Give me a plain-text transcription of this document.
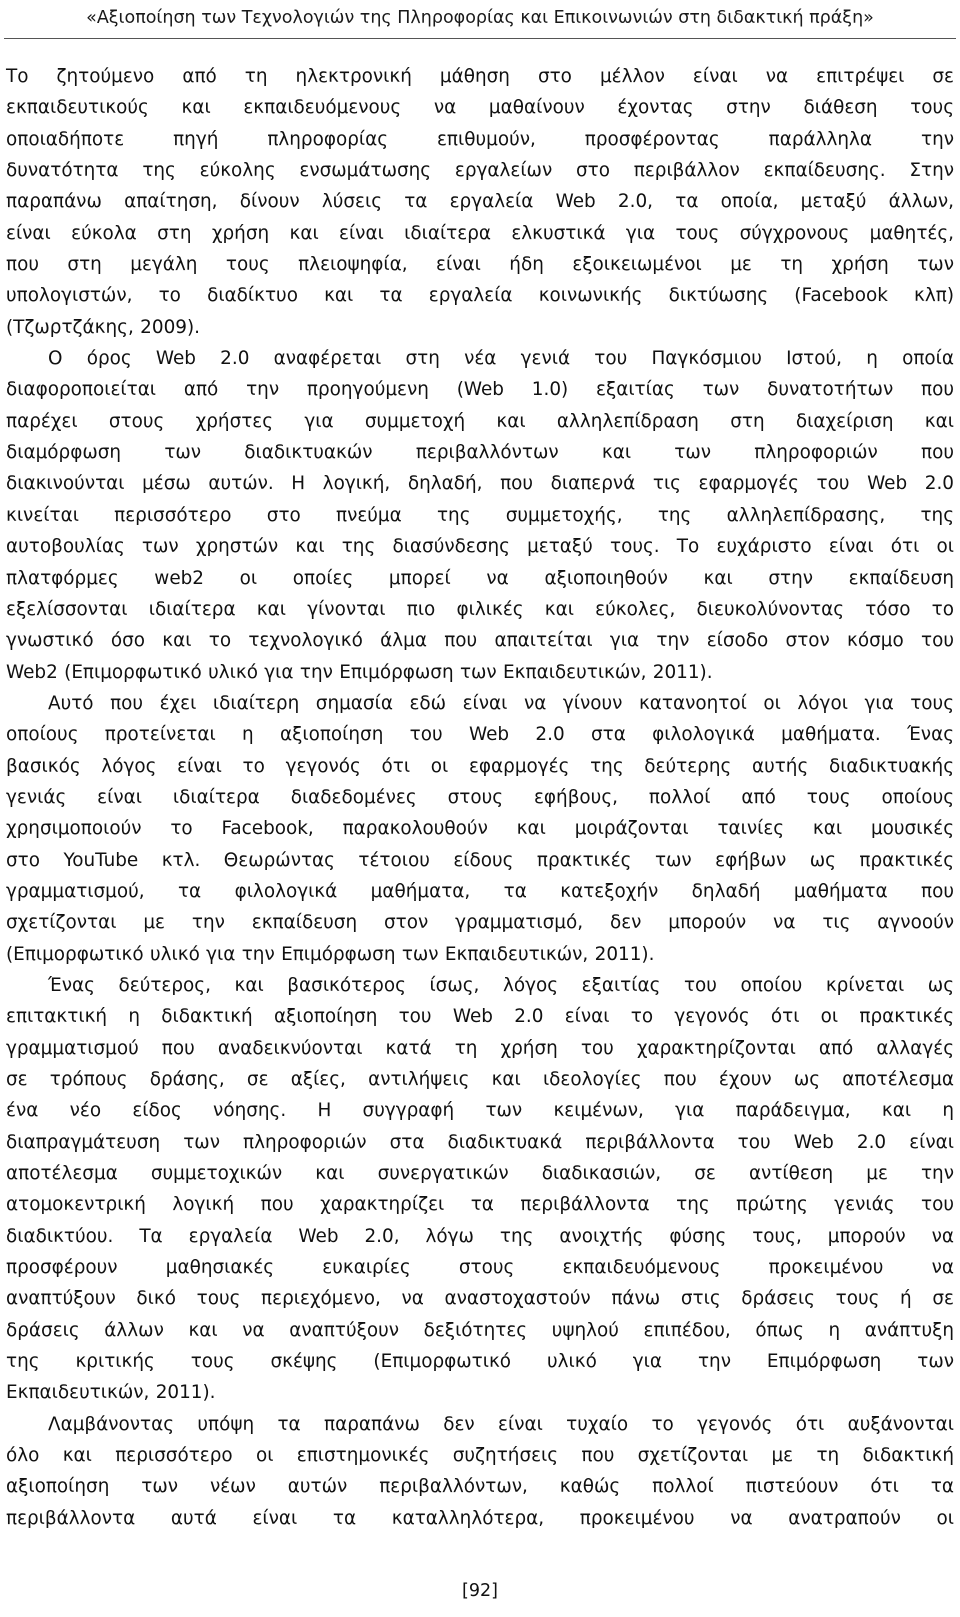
«Αξιοποίηση των Τεχνολογιών της Πληροφορίας και Επικοινωνιών στη διδακτική πράξη»

Το ζητούμενο από τη ηλεκτρονική μάθηση στο μέλλον είναι να επιτρέψει σε
εκπαιδευτικούς και εκπαιδευόμενους να μαθαίνουν έχοντας στην διάθεση τους
οποιαδήποτε πηγή πληροφορίας επιθυμούν, προσφέροντας παράλληλα την
δυνατότητα της εύκολης ενσωμάτωσης εργαλείων στο περιβάλλον εκπαίδευσης. Στην
παραπάνω απαίτηση, δίνουν λύσεις τα εργαλεία Web 2.0, τα οποία, μεταξύ άλλων,
είναι εύκολα στη χρήση και είναι ιδιαίτερα ελκυστικά για τους σύγχρονους μαθητές,
που στη μεγάλη τους πλειοψηφία, είναι ήδη εξοικειωμένοι με τη χρήση των
υπολογιστών, το διαδίκτυο και τα εργαλεία κοινωνικής δικτύωσης (Facebook κλπ)
(Τζωρτζάκης, 2009).

Ο όρος Web 2.0 αναφέρεται στη νέα γενιά του Παγκόσμιου Ιστού, η οποία
διαφοροποιείται από την προηγούμενη (Web 1.0) εξαιτίας των δυνατοτήτων που
παρέχει στους χρήστες για συμμετοχή και αλληλεπίδραση στη διαχείριση και
διαμόρφωση των διαδικτυακών περιβαλλόντων και των πληροφοριών που
διακινούνται μέσω αυτών. Η λογική, δηλαδή, που διαπερνά τις εφαρμογές του Web 2.0
κινείται περισσότερο στο πνεύμα της συμμετοχής, της αλληλεπίδρασης, της
αυτοβουλίας των χρηστών και της διασύνδεσης μεταξύ τους. Το ευχάριστο είναι ότι οι
πλατφόρμες web2 οι οποίες μπορεί να αξιοποιηθούν και στην εκπαίδευση
εξελίσσονται ιδιαίτερα και γίνονται πιο φιλικές και εύκολες, διευκολύνοντας τόσο το
γνωστικό όσο και το τεχνολογικό άλμα που απαιτείται για την είσοδο στον κόσμο του
Web2 (Επιμορφωτικό υλικό για την Επιμόρφωση των Εκπαιδευτικών, 2011).

Αυτό που έχει ιδιαίτερη σημασία εδώ είναι να γίνουν κατανοητοί οι λόγοι για τους
οποίους προτείνεται η αξιοποίηση του Web 2.0 στα φιλολογικά μαθήματα. Ένας
βασικός λόγος είναι το γεγονός ότι οι εφαρμογές της δεύτερης αυτής διαδικτυακής
γενιάς είναι ιδιαίτερα διαδεδομένες στους εφήβους, πολλοί από τους οποίους
χρησιμοποιούν το Facebook, παρακολουθούν και μοιράζονται ταινίες και μουσικές
στο YouTube κτλ. Θεωρώντας τέτοιου είδους πρακτικές των εφήβων ως πρακτικές
γραμματισμού, τα φιλολογικά μαθήματα, τα κατεξοχήν δηλαδή μαθήματα που
σχετίζονται με την εκπαίδευση στον γραμματισμό, δεν μπορούν να τις αγνοούν
(Επιμορφωτικό υλικό για την Επιμόρφωση των Εκπαιδευτικών, 2011).

Ένας δεύτερος, και βασικότερος ίσως, λόγος εξαιτίας του οποίου κρίνεται ως
επιτακτική η διδακτική αξιοποίηση του Web 2.0 είναι το γεγονός ότι οι πρακτικές
γραμματισμού που αναδεικνύονται κατά τη χρήση του χαρακτηρίζονται από αλλαγές
σε τρόπους δράσης, σε αξίες, αντιλήψεις και ιδεολογίες που έχουν ως αποτέλεσμα
ένα νέο είδος νόησης. Η συγγραφή των κειμένων, για παράδειγμα, και η
διαπραγμάτευση των πληροφοριών στα διαδικτυακά περιβάλλοντα του Web 2.0 είναι
αποτέλεσμα συμμετοχικών και συνεργατικών διαδικασιών, σε αντίθεση με την
ατομοκεντρική λογική που χαρακτηρίζει τα περιβάλλοντα της πρώτης γενιάς του
διαδικτύου. Τα εργαλεία Web 2.0, λόγω της ανοιχτής φύσης τους, μπορούν να
προσφέρουν μαθησιακές ευκαιρίες στους εκπαιδευόμενους προκειμένου να
αναπτύξουν δικό τους περιεχόμενο, να αναστοχαστούν πάνω στις δράσεις τους ή σε
δράσεις άλλων και να αναπτύξουν δεξιότητες υψηλού επιπέδου, όπως η ανάπτυξη
της κριτικής τους σκέψης (Επιμορφωτικό υλικό για την Επιμόρφωση των
Εκπαιδευτικών, 2011).

Λαμβάνοντας υπόψη τα παραπάνω δεν είναι τυχαίο το γεγονός ότι αυξάνονται
όλο και περισσότερο οι επιστημονικές συζητήσεις που σχετίζονται με τη διδακτική
αξιοποίηση των νέων αυτών περιβαλλόντων, καθώς πολλοί πιστεύουν ότι τα
περιβάλλοντα αυτά είναι τα καταλληλότερα, προκειμένου να ανατραπούν οι

[92]
